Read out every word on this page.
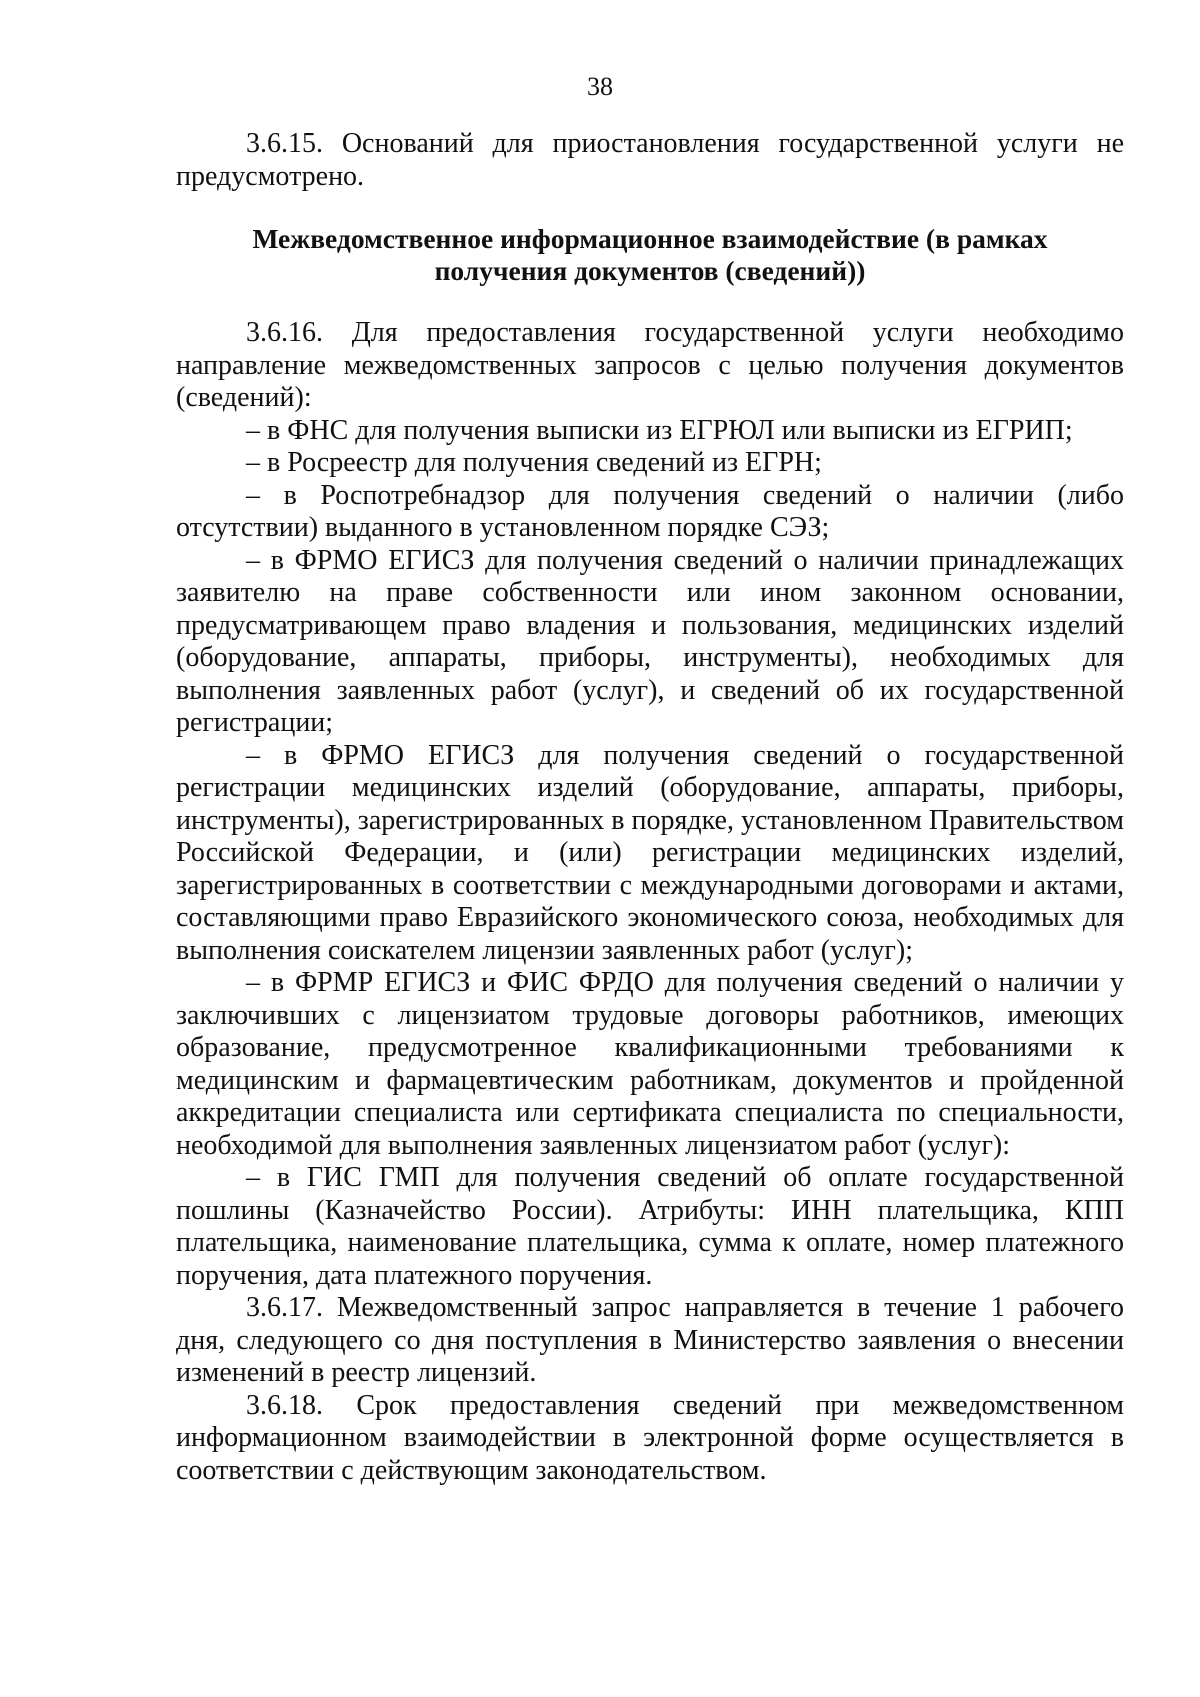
38

3.6.15. Оснований для приостановления государственной услуги не предусмотрено.

Межведомственное информационное взаимодействие (в рамках
получения документов (сведений))

3.6.16. Для предоставления государственной услуги необходимо направление межведомственных запросов с целью получения документов (сведений):

– в ФНС для получения выписки из ЕГРЮЛ или выписки из ЕГРИП;

– в Росреестр для получения сведений из ЕГРН;

– в Роспотребнадзор для получения сведений о наличии (либо отсутствии) выданного в установленном порядке СЭЗ;

– в ФРМО ЕГИСЗ для получения сведений о наличии принадлежащих заявителю на праве собственности или ином законном основании, предусматривающем право владения и пользования, медицинских изделий (оборудование, аппараты, приборы, инструменты), необходимых для выполнения заявленных работ (услуг), и сведений об их государственной регистрации;

– в ФРМО ЕГИСЗ для получения сведений о государственной регистрации медицинских изделий (оборудование, аппараты, приборы, инструменты), зарегистрированных в порядке, установленном Правительством Российской Федерации, и (или) регистрации медицинских изделий, зарегистрированных в соответствии с международными договорами и актами, составляющими право Евразийского экономического союза, необходимых для выполнения соискателем лицензии заявленных работ (услуг);

– в ФРМР ЕГИСЗ и ФИС ФРДО для получения сведений о наличии у заключивших с лицензиатом трудовые договоры работников, имеющих образование, предусмотренное квалификационными требованиями к медицинским и фармацевтическим работникам, документов и пройденной аккредитации специалиста или сертификата специалиста по специальности, необходимой для выполнения заявленных лицензиатом работ (услуг):

– в ГИС ГМП для получения сведений об оплате государственной пошлины (Казначейство России). Атрибуты: ИНН плательщика, КПП плательщика, наименование плательщика, сумма к оплате, номер платежного поручения, дата платежного поручения.

3.6.17. Межведомственный запрос направляется в течение 1 рабочего дня, следующего со дня поступления в Министерство заявления о внесении изменений в реестр лицензий.

3.6.18. Срок предоставления сведений при межведомственном информационном взаимодействии в электронной форме осуществляется в соответствии с действующим законодательством.
